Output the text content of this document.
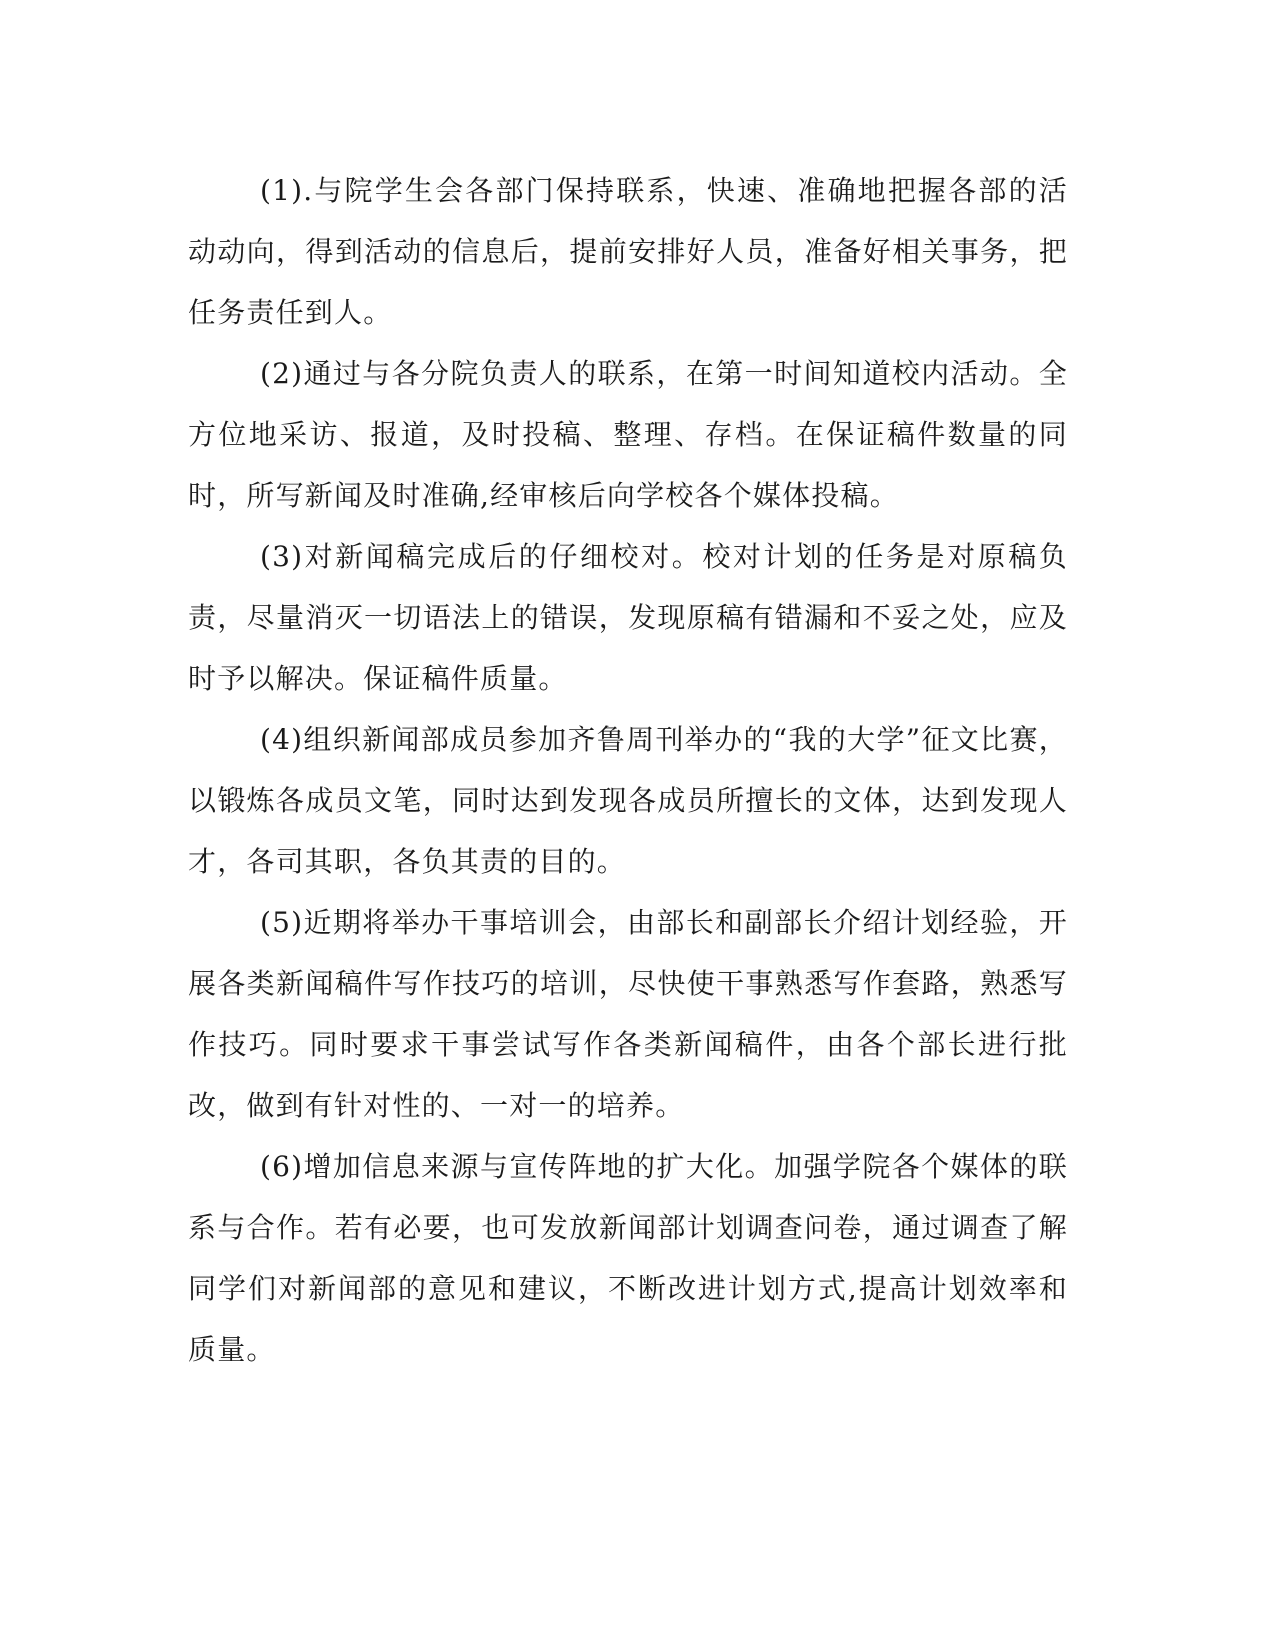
(1).与院学生会各部门保持联系，快速、准确地把握各部的活动动向，得到活动的信息后，提前安排好人员，准备好相关事务，把任务责任到人。

(2)通过与各分院负责人的联系，在第一时间知道校内活动。全方位地采访、报道，及时投稿、整理、存档。在保证稿件数量的同时，所写新闻及时准确,经审核后向学校各个媒体投稿。

(3)对新闻稿完成后的仔细校对。校对计划的任务是对原稿负责，尽量消灭一切语法上的错误，发现原稿有错漏和不妥之处，应及时予以解决。保证稿件质量。

(4)组织新闻部成员参加齐鲁周刊举办的“我的大学”征文比赛，以锻炼各成员文笔，同时达到发现各成员所擅长的文体，达到发现人才，各司其职，各负其责的目的。

(5)近期将举办干事培训会，由部长和副部长介绍计划经验，开展各类新闻稿件写作技巧的培训，尽快使干事熟悉写作套路，熟悉写作技巧。同时要求干事尝试写作各类新闻稿件，由各个部长进行批改，做到有针对性的、一对一的培养。

(6)增加信息来源与宣传阵地的扩大化。加强学院各个媒体的联系与合作。若有必要，也可发放新闻部计划调查问卷，通过调查了解同学们对新闻部的意见和建议，不断改进计划方式,提高计划效率和质量。
